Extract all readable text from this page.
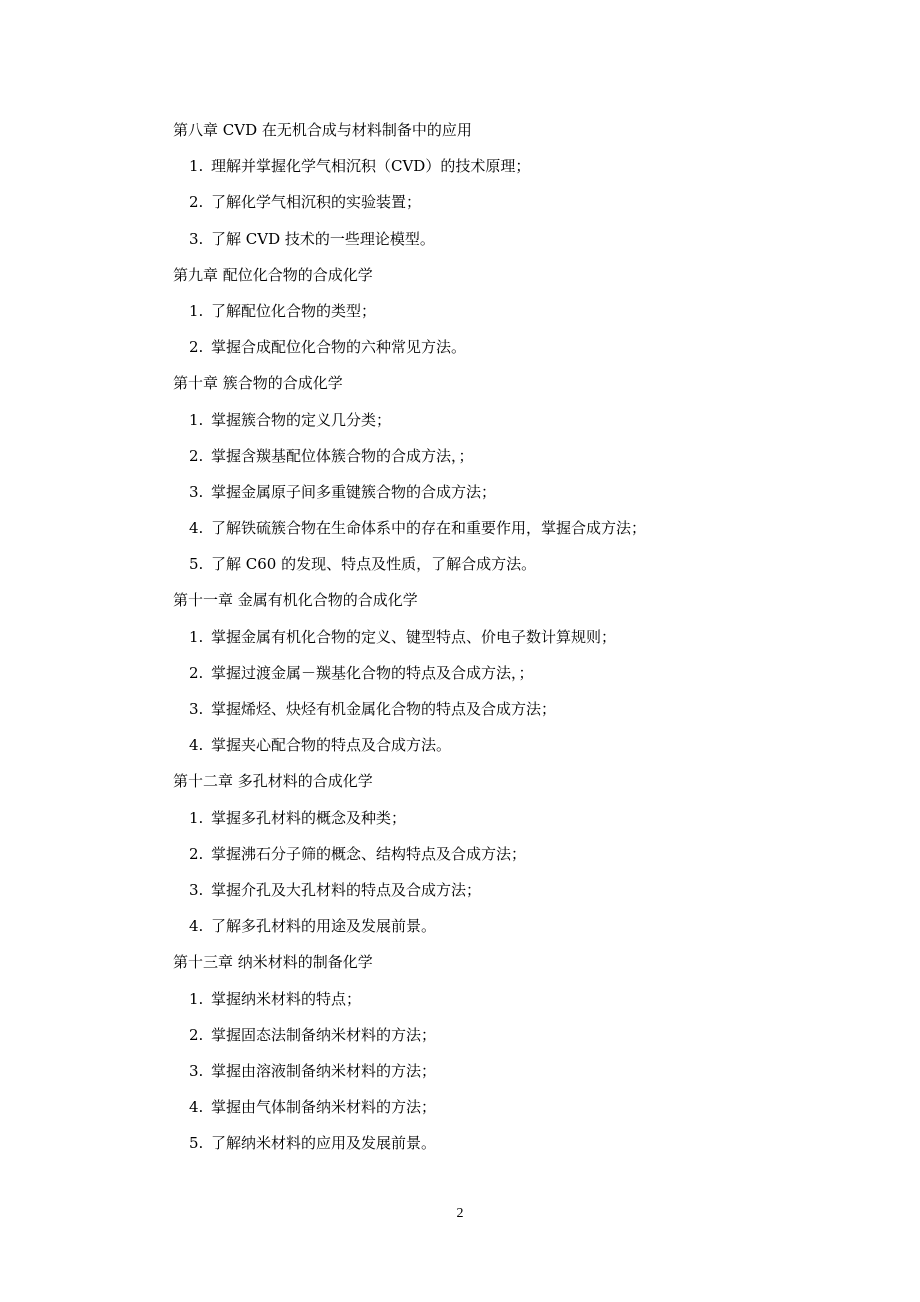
第八章 CVD 在无机合成与材料制备中的应用
1. 理解并掌握化学气相沉积（CVD）的技术原理；
2. 了解化学气相沉积的实验装置；
3. 了解 CVD 技术的一些理论模型。
第九章 配位化合物的合成化学
1. 了解配位化合物的类型；
2. 掌握合成配位化合物的六种常见方法。
第十章 簇合物的合成化学
1. 掌握簇合物的定义几分类；
2. 掌握含羰基配位体簇合物的合成方法，；
3. 掌握金属原子间多重键簇合物的合成方法；
4. 了解铁硫簇合物在生命体系中的存在和重要作用，掌握合成方法；
5. 了解 C60 的发现、特点及性质，了解合成方法。
第十一章 金属有机化合物的合成化学
1. 掌握金属有机化合物的定义、键型特点、价电子数计算规则；
2. 掌握过渡金属－羰基化合物的特点及合成方法，；
3. 掌握烯烃、炔烃有机金属化合物的特点及合成方法；
4. 掌握夹心配合物的特点及合成方法。
第十二章 多孔材料的合成化学
1. 掌握多孔材料的概念及种类；
2. 掌握沸石分子筛的概念、结构特点及合成方法；
3. 掌握介孔及大孔材料的特点及合成方法；
4. 了解多孔材料的用途及发展前景。
第十三章 纳米材料的制备化学
1. 掌握纳米材料的特点；
2. 掌握固态法制备纳米材料的方法；
3. 掌握由溶液制备纳米材料的方法；
4. 掌握由气体制备纳米材料的方法；
5. 了解纳米材料的应用及发展前景。
2
